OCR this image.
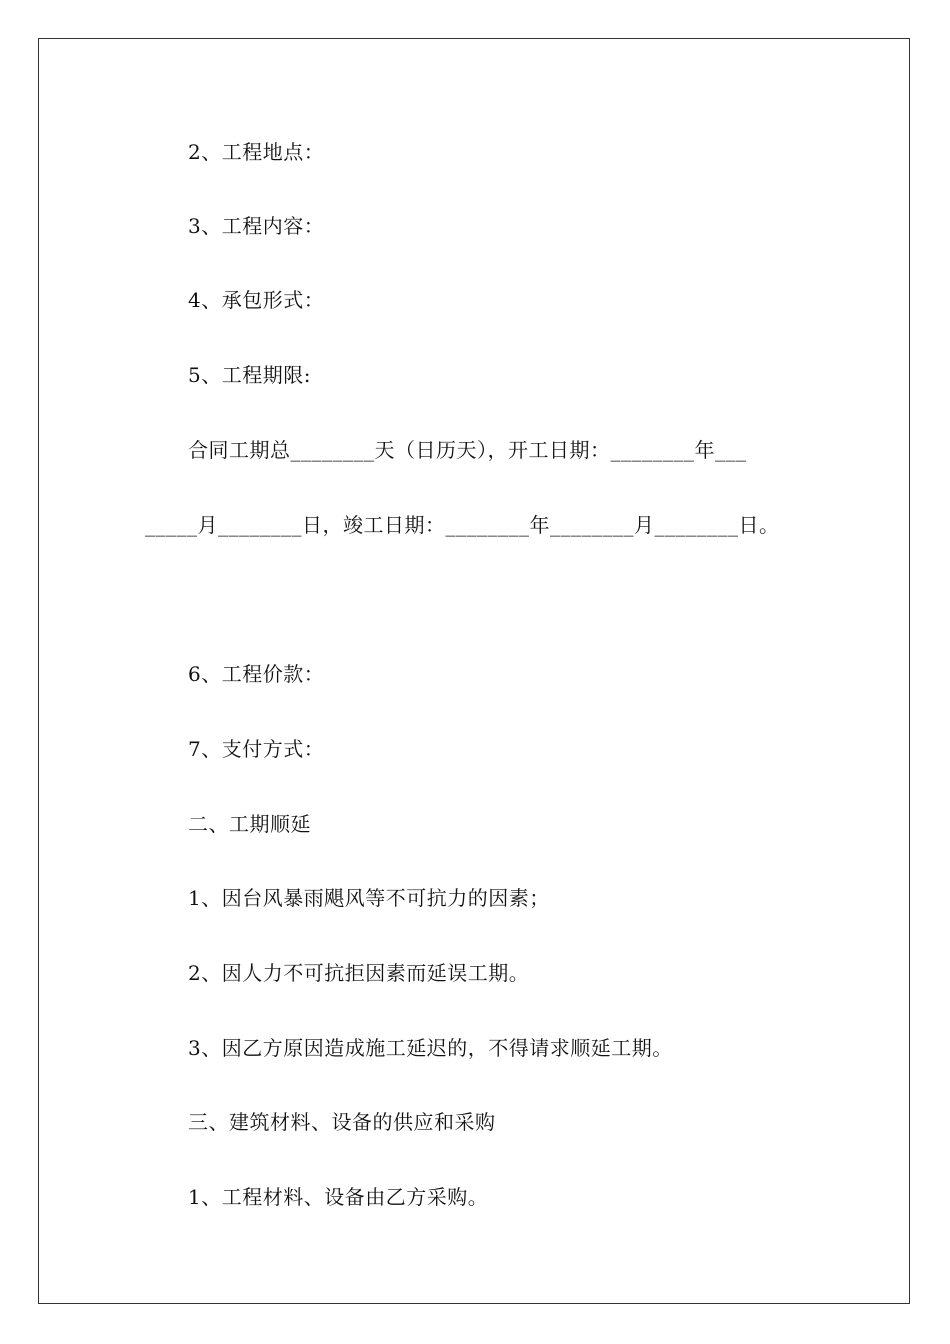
2、工程地点：
3、工程内容：
4、承包形式：
5、工程期限:
合同工期总________天（日历天），开工日期：________年___
_____月________日，竣工日期：________年________月________日。
6、工程价款：
7、支付方式：
二、工期顺延
1、因台风暴雨飓风等不可抗力的因素；
2、因人力不可抗拒因素而延误工期。
3、因乙方原因造成施工延迟的，不得请求顺延工期。
三、建筑材料、设备的供应和采购
1、工程材料、设备由乙方采购。
